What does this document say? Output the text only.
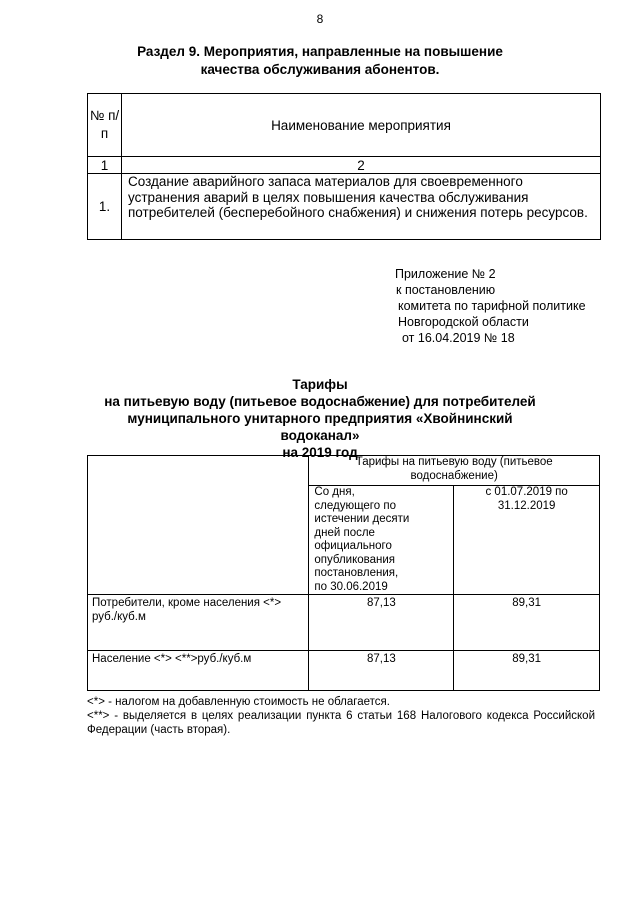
8
Раздел 9. Мероприятия, направленные на повышение
качества обслуживания абонентов.
№ п/п	Наименование мероприятия
1	2
1.	Создание аварийного запаса материалов для своевременного устранения аварий в целях повышения качества обслуживания потребителей (бесперебойного снабжения) и снижения потерь ресурсов.
Приложение № 2
к постановлению
комитета по тарифной политике
Новгородской области
от 16.04.2019 № 18
Тарифы
на питьевую воду (питьевое водоснабжение) для потребителей
муниципального унитарного предприятия «Хвойнинский водоканал»
на 2019 год
	Тарифы на питьевую воду (питьевое водоснабжение)	
	Со дня, следующего по истечении десяти дней после официального опубликования постановления, по 30.06.2019	с 01.07.2019 по 31.12.2019
Потребители, кроме населения <*> руб./куб.м	87,13	89,31
Население <*> <**>руб./куб.м	87,13	89,31
<*> - налогом на добавленную стоимость не облагается.
<**> - выделяется в целях реализации пункта 6 статьи 168 Налогового кодекса Российской Федерации (часть вторая).
